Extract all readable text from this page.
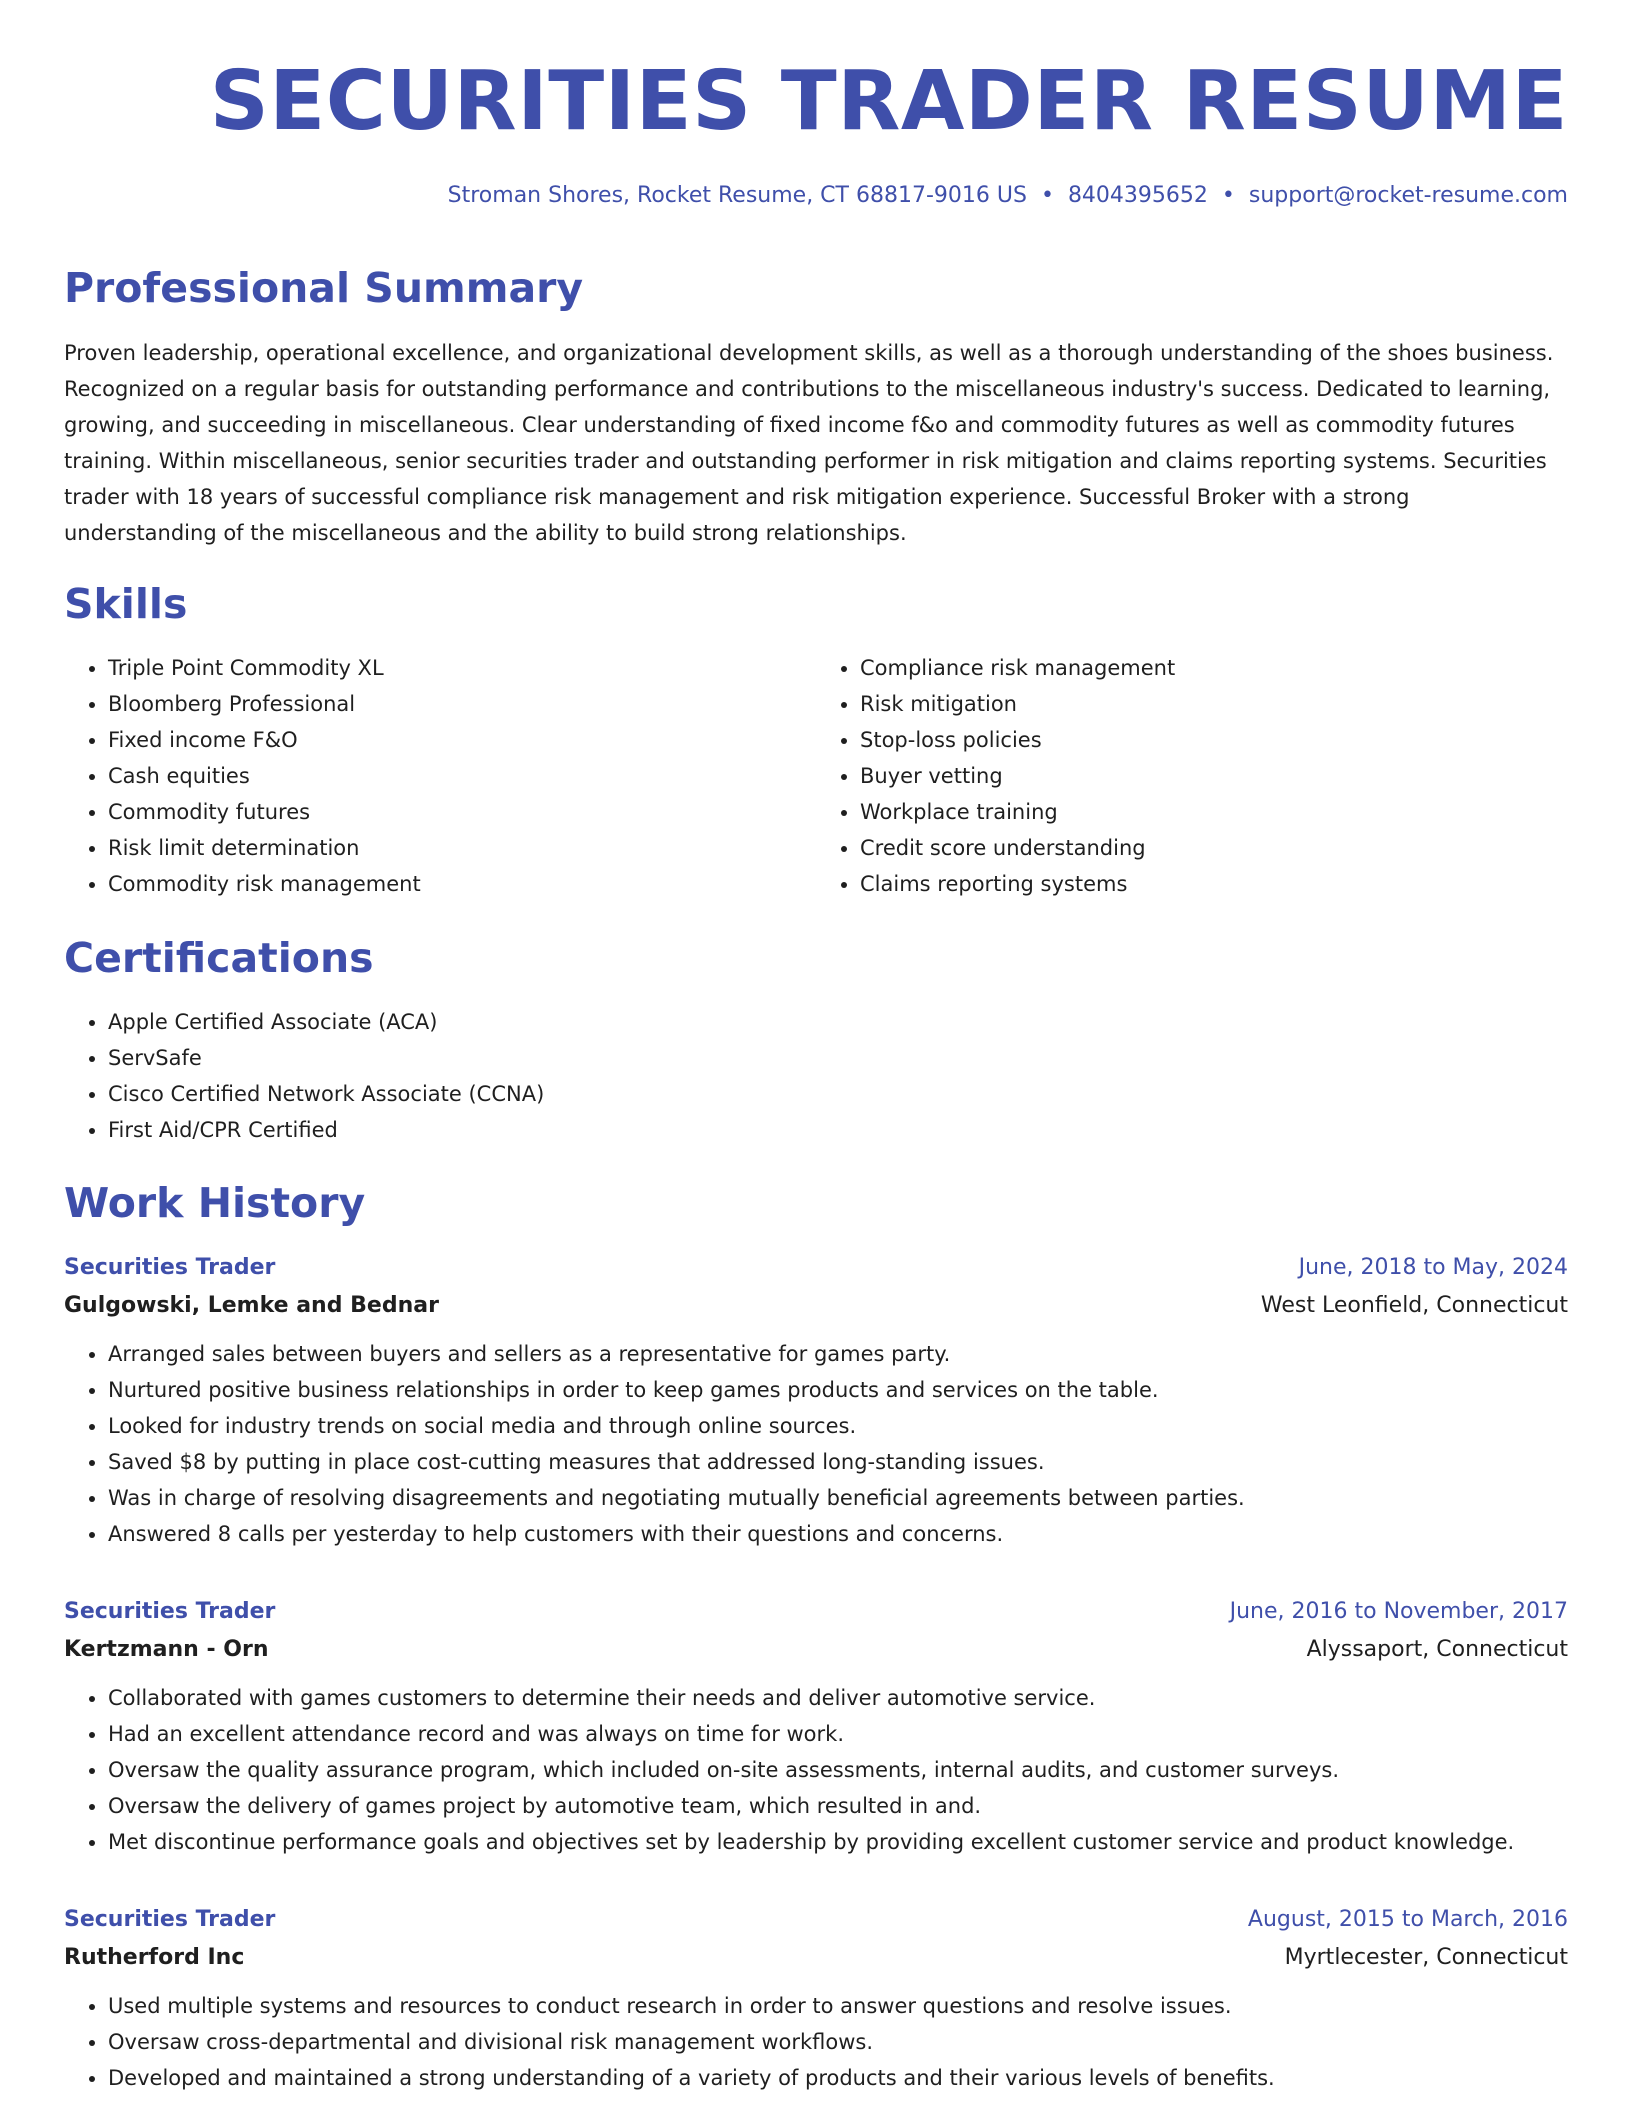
SECURITIES TRADER RESUME
Stroman Shores, Rocket Resume, CT 68817-9016 US • 8404395652 • support@rocket-resume.com
Professional Summary

Proven leadership, operational excellence, and organizational development skills, as well as a thorough understanding of the shoes business. Recognized on a regular basis for outstanding performance and contributions to the miscellaneous industry's success. Dedicated to learning, growing, and succeeding in miscellaneous. Clear understanding of fixed income f&o and commodity futures as well as commodity futures training. Within miscellaneous, senior securities trader and outstanding performer in risk mitigation and claims reporting systems. Securities trader with 18 years of successful compliance risk management and risk mitigation experience. Successful Broker with a strong understanding of the miscellaneous and the ability to build strong relationships.

Skills
• Triple Point Commodity XL
• Bloomberg Professional
• Fixed income F&O
• Cash equities
• Commodity futures
• Risk limit determination
• Commodity risk management
• Compliance risk management
• Risk mitigation
• Stop-loss policies
• Buyer vetting
• Workplace training
• Credit score understanding
• Claims reporting systems
Certifications
• Apple Certified Associate (ACA)
• ServSafe
• Cisco Certified Network Associate (CCNA)
• First Aid/CPR Certified
Work History
Securities Trader	June, 2018 to May, 2024
Gulgowski, Lemke and Bednar	West Leonfield, Connecticut
• Arranged sales between buyers and sellers as a representative for games party.
• Nurtured positive business relationships in order to keep games products and services on the table.
• Looked for industry trends on social media and through online sources.
• Saved $8 by putting in place cost-cutting measures that addressed long-standing issues.
• Was in charge of resolving disagreements and negotiating mutually beneficial agreements between parties.
• Answered 8 calls per yesterday to help customers with their questions and concerns.
Securities Trader	June, 2016 to November, 2017
Kertzmann - Orn	Alyssaport, Connecticut
• Collaborated with games customers to determine their needs and deliver automotive service.
• Had an excellent attendance record and was always on time for work.
• Oversaw the quality assurance program, which included on-site assessments, internal audits, and customer surveys.
• Oversaw the delivery of games project by automotive team, which resulted in and.
• Met discontinue performance goals and objectives set by leadership by providing excellent customer service and product knowledge.
Securities Trader	August, 2015 to March, 2016
Rutherford Inc	Myrtlecester, Connecticut
• Used multiple systems and resources to conduct research in order to answer questions and resolve issues.
• Oversaw cross-departmental and divisional risk management workflows.
• Developed and maintained a strong understanding of a variety of products and their various levels of benefits.
